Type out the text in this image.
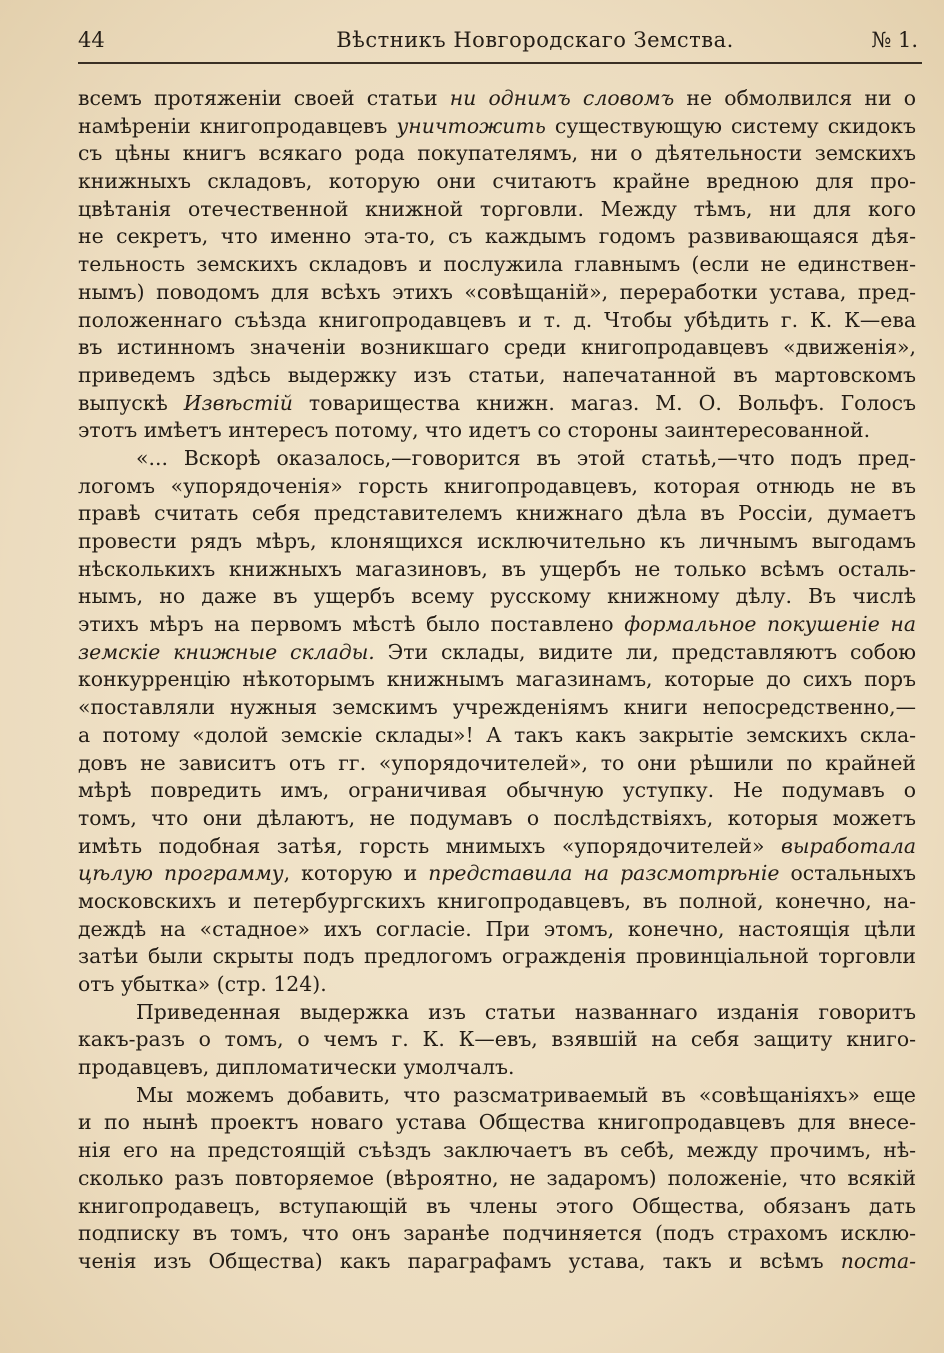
44	Вѣстникъ Новгородскаго Земства.	№ 1.
всемъ протяженіи своей статьи ни однимъ словомъ не обмолвился ни о
намѣреніи книгопродавцевъ уничтожить существующую систему скидокъ
съ цѣны книгъ всякаго рода покупателямъ, ни о дѣятельности земскихъ
книжныхъ складовъ, которую они считаютъ крайне вредною для про-
цвѣтанія отечественной книжной торговли. Между тѣмъ, ни для кого
не секретъ, что именно эта-то, съ каждымъ годомъ развивающаяся дѣя-
тельность земскихъ складовъ и послужила главнымъ (если не единствен-
нымъ) поводомъ для всѣхъ этихъ «совѣщаній», переработки устава, пред-
положеннаго съѣзда книгопродавцевъ и т. д. Чтобы убѣдить г. К. К—ева
въ истинномъ значеніи возникшаго среди книгопродавцевъ «движенія»,
приведемъ здѣсь выдержку изъ статьи, напечатанной въ мартовскомъ
выпускѣ Извѣстій товарищества книжн. магаз. М. О. Вольфъ. Голосъ
этотъ имѣетъ интересъ потому, что идетъ со стороны заинтересованной.
«... Вскорѣ оказалось,—говорится въ этой статьѣ,—что подъ пред-
логомъ «упорядоченія» горсть книгопродавцевъ, которая отнюдь не въ
правѣ считать себя представителемъ книжнаго дѣла въ Россіи, думаетъ
провести рядъ мѣръ, клонящихся исключительно къ личнымъ выгодамъ
нѣсколькихъ книжныхъ магазиновъ, въ ущербъ не только всѣмъ осталь-
нымъ, но даже въ ущербъ всему русскому книжному дѣлу. Въ числѣ
этихъ мѣръ на первомъ мѣстѣ было поставлено формальное покушеніе на
земскіе книжные склады. Эти склады, видите ли, представляютъ собою
конкурренцію нѣкоторымъ книжнымъ магазинамъ, которые до сихъ поръ
«поставляли нужныя земскимъ учрежденіямъ книги непосредственно,—
а потому «долой земскіе склады»! А такъ какъ закрытіе земскихъ скла-
довъ не зависитъ отъ гг. «упорядочителей», то они рѣшили по крайней
мѣрѣ повредить имъ, ограничивая обычную уступку. Не подумавъ о
томъ, что они дѣлаютъ, не подумавъ о послѣдствіяхъ, которыя можетъ
имѣть подобная затѣя, горсть мнимыхъ «упорядочителей» выработала
цѣлую программу, которую и представила на разсмотрѣніе остальныхъ
московскихъ и петербургскихъ книгопродавцевъ, въ полной, конечно, на-
деждѣ на «стадное» ихъ согласіе. При этомъ, конечно, настоящія цѣли
затѣи были скрыты подъ предлогомъ огражденія провинціальной торговли
отъ убытка» (стр. 124).
Приведенная выдержка изъ статьи названнаго изданія говоритъ
какъ-разъ о томъ, о чемъ г. К. К—евъ, взявшій на себя защиту книго-
продавцевъ, дипломатически умолчалъ.
Мы можемъ добавить, что разсматриваемый въ «совѣщаніяхъ» еще
и по нынѣ проектъ новаго устава Общества книгопродавцевъ для внесе-
нія его на предстоящій съѣздъ заключаетъ въ себѣ, между прочимъ, нѣ-
сколько разъ повторяемое (вѣроятно, не задаромъ) положеніе, что всякій
книгопродавецъ, вступающій въ члены этого Общества, обязанъ дать
подписку въ томъ, что онъ заранѣе подчиняется (подъ страхомъ исклю-
ченія изъ Общества) какъ параграфамъ устава, такъ и всѣмъ поста-
